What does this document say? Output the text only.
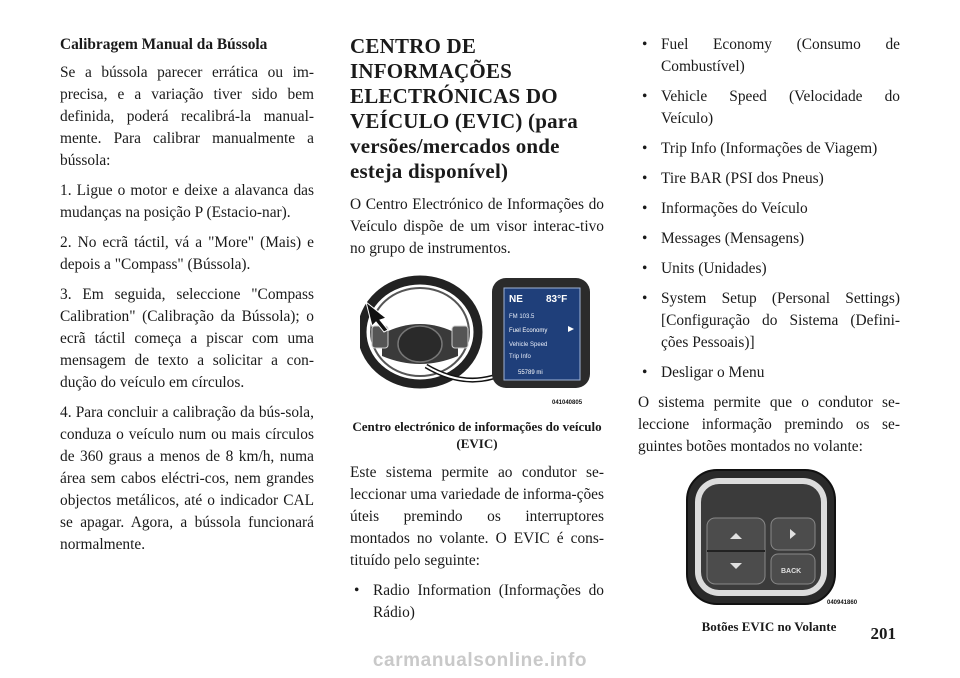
Calibragem Manual da Bússola

Se a bússola parecer errática ou im-precisa, e a variação tiver sido bem definida, poderá recalibrá-la manual-mente. Para calibrar manualmente a bússola:

1. Ligue o motor e deixe a alavanca das mudanças na posição P (Estacio-nar).

2. No ecrã táctil, vá a "More" (Mais) e depois a "Compass" (Bússola).

3. Em seguida, seleccione "Compass Calibration" (Calibração da Bússola); o ecrã táctil começa a piscar com uma mensagem de texto a solicitar a con-dução do veículo em círculos.

4. Para concluir a calibração da bús-sola, conduza o veículo num ou mais círculos de 360 graus a menos de 8 km/h, numa área sem cabos eléctri-cos, nem grandes objectos metálicos, até o indicador CAL se apagar. Agora, a bússola funcionará normalmente.

CENTRO DE INFORMAÇÕES ELECTRÓNICAS DO VEÍCULO (EVIC) (para versões/mercados onde esteja disponível)

O Centro Electrónico de Informações do Veículo dispõe de um visor interac-tivo no grupo de instrumentos.

NE 83°F
FM 103.5
Fuel Economy
Vehicle Speed
Trip Info
55789 mi
041040805
Centro electrónico de informações do veículo (EVIC)

Este sistema permite ao condutor se-leccionar uma variedade de informa-ções úteis premindo os interruptores montados no volante. O EVIC é cons-tituído pelo seguinte:

• Radio Information (Informações do Rádio)
• Fuel Economy (Consumo de Combustível)
• Vehicle Speed (Velocidade do Veículo)
• Trip Info (Informações de Viagem)
• Tire BAR (PSI dos Pneus)
• Informações do Veículo
• Messages (Mensagens)
• Units (Unidades)
• System Setup (Personal Settings) [Configuração do Sistema (Defini-ções Pessoais)]
• Desligar o Menu

O sistema permite que o condutor se-leccione informação premindo os se-guintes botões montados no volante:

BACK
040941860
Botões EVIC no Volante	201
carmanualsonline.info
